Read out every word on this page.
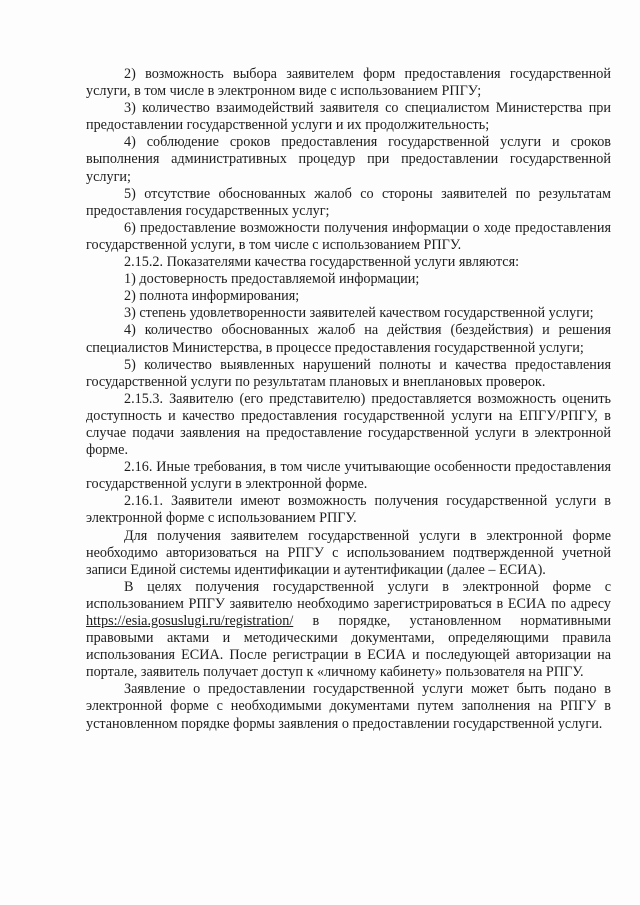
2) возможность выбора заявителем форм предоставления государственной услуги, в том числе в электронном виде с использованием РПГУ;

3) количество взаимодействий заявителя со специалистом Министерства при предоставлении государственной услуги и их продолжительность;

4) соблюдение сроков предоставления государственной услуги и сроков выполнения административных процедур при предоставлении государственной услуги;

5) отсутствие обоснованных жалоб со стороны заявителей по результатам предоставления государственных услуг;

6) предоставление возможности получения информации о ходе предоставления государственной услуги, в том числе с использованием РПГУ.

2.15.2. Показателями качества государственной услуги являются:

1) достоверность предоставляемой информации;

2) полнота информирования;

3) степень удовлетворенности заявителей качеством государственной услуги;

4) количество обоснованных жалоб на действия (бездействия) и решения специалистов Министерства, в процессе предоставления государственной услуги;

5) количество выявленных нарушений полноты и качества предоставления государственной услуги по результатам плановых и внеплановых проверок.

2.15.3. Заявителю (его представителю) предоставляется возможность оценить доступность и качество предоставления государственной услуги на ЕПГУ/РПГУ, в случае подачи заявления на предоставление государственной услуги в электронной форме.

2.16. Иные требования, в том числе учитывающие особенности предоставления государственной услуги в электронной форме.

2.16.1. Заявители имеют возможность получения государственной услуги в электронной форме с использованием РПГУ.

Для получения заявителем государственной услуги в электронной форме необходимо авторизоваться на РПГУ с использованием подтвержденной учетной записи Единой системы идентификации и аутентификации (далее – ЕСИА).

В целях получения государственной услуги в электронной форме с использованием РПГУ заявителю необходимо зарегистрироваться в ЕСИА по адресу https://esia.gosuslugi.ru/registration/ в порядке, установленном нормативными правовыми актами и методическими документами, определяющими правила использования ЕСИА. После регистрации в ЕСИА и последующей авторизации на портале, заявитель получает доступ к «личному кабинету» пользователя на РПГУ.

Заявление о предоставлении государственной услуги может быть подано в электронной форме с необходимыми документами путем заполнения на РПГУ в установленном порядке формы заявления о предоставлении государственной услуги.
